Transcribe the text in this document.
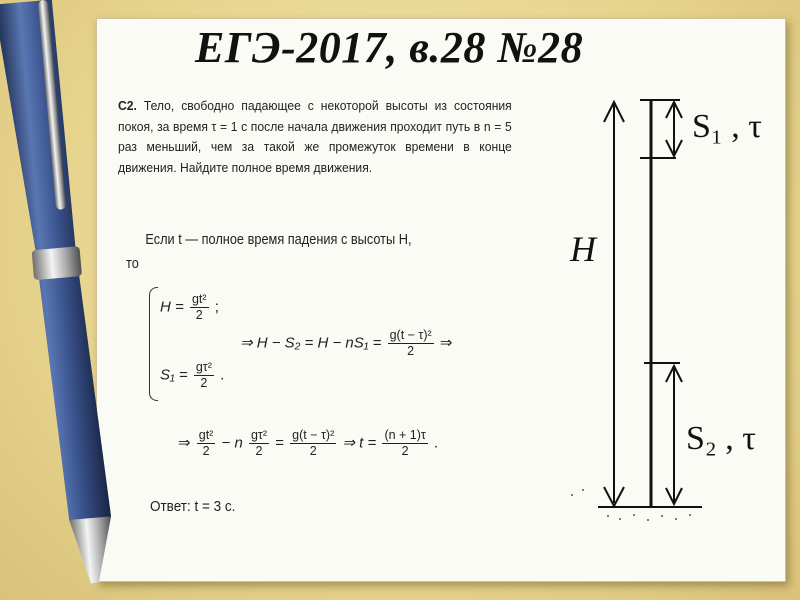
ЕГЭ-2017, в.28 №28
С2. Тело, свободно падающее с некоторой высоты из состояния покоя, за время τ = 1 с после начала движения проходит путь в n = 5 раз меньший, чем за такой же промежуток времени в конце движения. Найдите полное время движения.
Если t — полное время падения с высоты H,
то
$H = \frac{\text{gt²}}{2}$ ;
$S_1 = \frac{\text{gτ²}}{2}$ .
⇒ $H - S_2 = H - nS_1 = \frac{\text{g(t − τ)²}}{2}$ ⇒
⇒ $\frac{\text{gt²}}{2} - n \frac{\text{gτ²}}{2} = \frac{\text{g(t − τ)²}}{2}$ ⇒ $t = \frac{(n + 1)\tau}{2}$ .
Ответ: t = 3 с.
H
S₁ , τ
S₂ , τ
